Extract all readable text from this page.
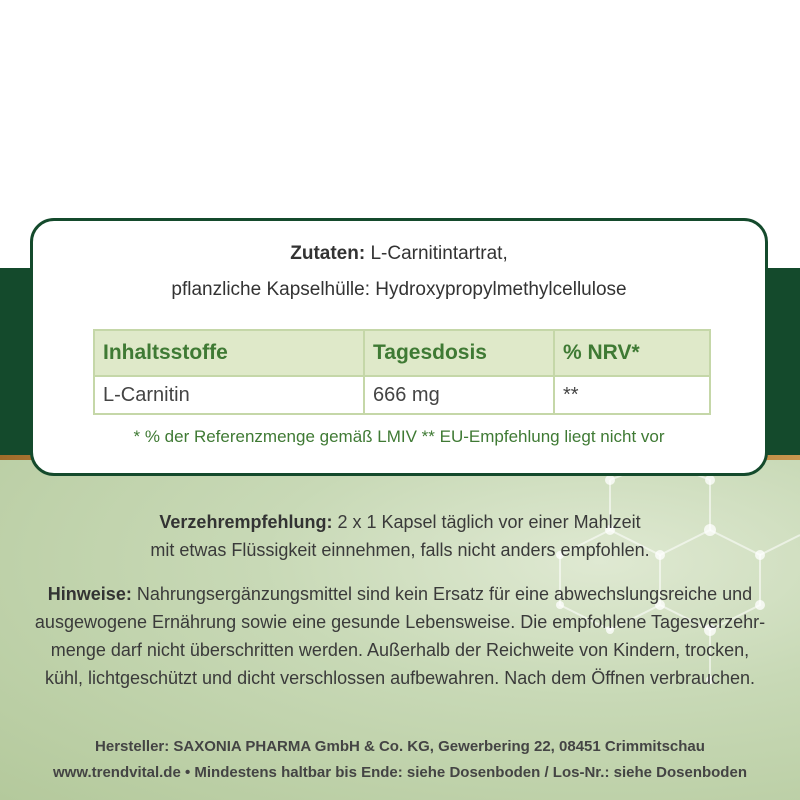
Zutaten: L-Carnitintartrat,
pflanzliche Kapselhülle: Hydroxypropylmethylcellulose
Inhaltsstoffe	Tagesdosis	% NRV*
L-Carnitin	666 mg	**
* % der Referenzmenge gemäß LMIV ** EU-Empfehlung liegt nicht vor
Verzehrempfehlung: 2 x 1 Kapsel täglich vor einer Mahlzeit
mit etwas Flüssigkeit einnehmen, falls nicht anders empfohlen.
Hinweise: Nahrungsergänzungsmittel sind kein Ersatz für eine abwechslungsreiche und
ausgewogene Ernährung sowie eine gesunde Lebensweise. Die empfohlene Tagesverzehr-
menge darf nicht überschritten werden. Außerhalb der Reichweite von Kindern, trocken,
kühl, lichtgeschützt und dicht verschlossen aufbewahren. Nach dem Öffnen verbrauchen.
Hersteller: SAXONIA PHARMA GmbH & Co. KG, Gewerbering 22, 08451 Crimmitschau
www.trendvital.de • Mindestens haltbar bis Ende: siehe Dosenboden / Los-Nr.: siehe Dosenboden
